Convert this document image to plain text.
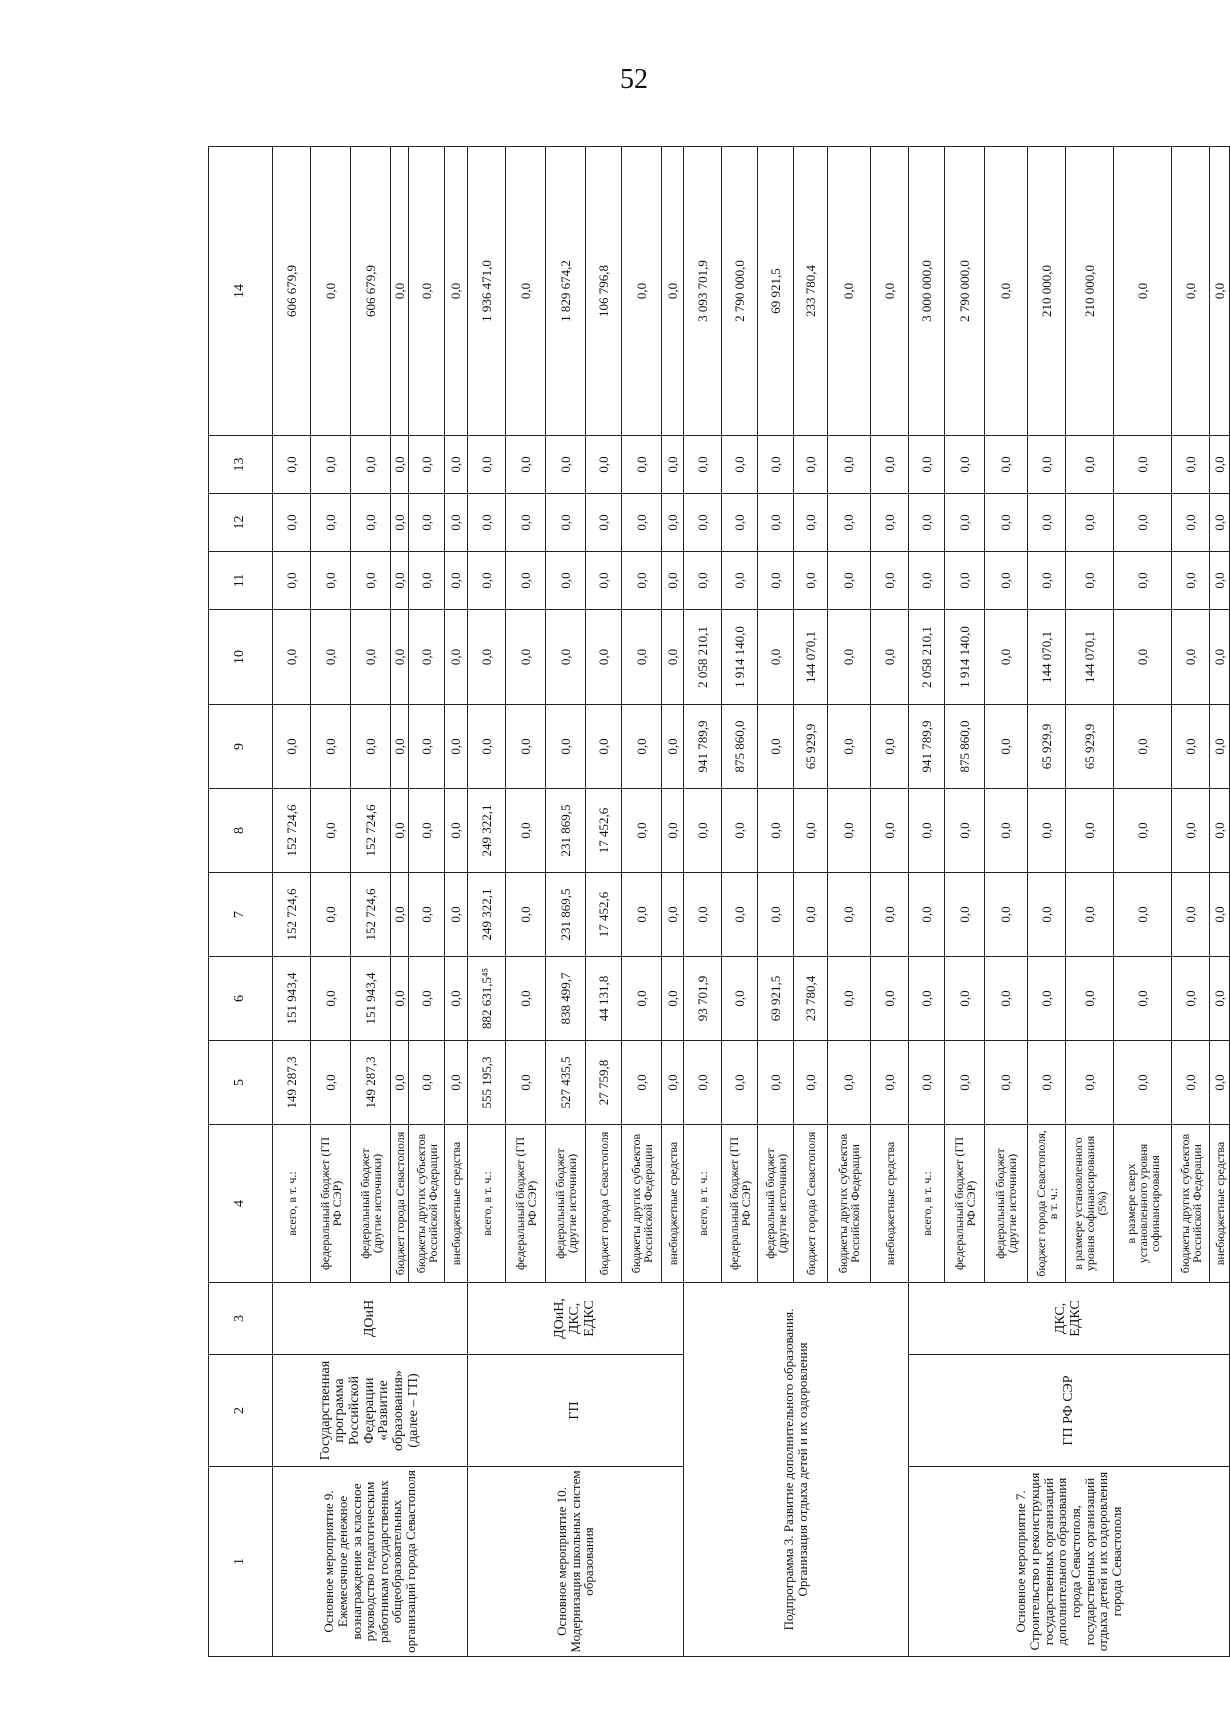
52
1	2	3	4	5	6	7	8	9	10	11	12	13	14
Основное мероприятие 9. Ежемесячное денежное вознаграждение за классное руководство педагогическим работникам государственных общеобразовательных организаций города Севастополя	Государственная программа Российской Федерации «Развитие образования» (далее – ГП)	ДОиН	всего, в т. ч.:	149 287,3	151 943,4	152 724,6	152 724,6	0,0	0,0	0,0	0,0	0,0	606 679,9
			федеральный бюджет (ГП РФ СЭР)	0,0	0,0	0,0	0,0	0,0	0,0	0,0	0,0	0,0	0,0
			федеральный бюджет (другие источники)	149 287,3	151 943,4	152 724,6	152 724,6	0,0	0,0	0,0	0,0	0,0	606 679,9
			бюджет города Севастополя	0,0	0,0	0,0	0,0	0,0	0,0	0,0	0,0	0,0	0,0
			бюджеты других субъектов Российской Федерации	0,0	0,0	0,0	0,0	0,0	0,0	0,0	0,0	0,0	0,0
			внебюджетные средства	0,0	0,0	0,0	0,0	0,0	0,0	0,0	0,0	0,0	0,0
Основное мероприятие 10. Модернизация школьных систем образования	ГП	ДОиН, ДКС, ЕДКС	всего, в т. ч.:	555 195,3	882 631,5⁴⁵	249 322,1	249 322,1	0,0	0,0	0,0	0,0	0,0	1 936 471,0
			федеральный бюджет (ГП РФ СЭР)	0,0	0,0	0,0	0,0	0,0	0,0	0,0	0,0	0,0	0,0
			федеральный бюджет (другие источники)	527 435,5	838 499,7	231 869,5	231 869,5	0,0	0,0	0,0	0,0	0,0	1 829 674,2
			бюджет города Севастополя	27 759,8	44 131,8	17 452,6	17 452,6	0,0	0,0	0,0	0,0	0,0	106 796,8
			бюджеты других субъектов Российской Федерации	0,0	0,0	0,0	0,0	0,0	0,0	0,0	0,0	0,0	0,0
			внебюджетные средства	0,0	0,0	0,0	0,0	0,0	0,0	0,0	0,0	0,0	0,0
Подпрограмма 3. Развитие дополнительного образования. Организация отдыха детей и их оздоровления			всего, в т. ч.:	0,0	93 701,9	0,0	0,0	941 789,9	2 058 210,1	0,0	0,0	0,0	3 093 701,9
			федеральный бюджет (ГП РФ СЭР)	0,0	0,0	0,0	0,0	875 860,0	1 914 140,0	0,0	0,0	0,0	2 790 000,0
			федеральный бюджет (другие источники)	0,0	69 921,5	0,0	0,0	0,0	0,0	0,0	0,0	0,0	69 921,5
			бюджет города Севастополя	0,0	23 780,4	0,0	0,0	65 929,9	144 070,1	0,0	0,0	0,0	233 780,4
			бюджеты других субъектов Российской Федерации	0,0	0,0	0,0	0,0	0,0	0,0	0,0	0,0	0,0	0,0
			внебюджетные средства	0,0	0,0	0,0	0,0	0,0	0,0	0,0	0,0	0,0	0,0
Основное мероприятие 7. Строительство и реконструкция государственных организаций дополнительного образования города Севастополя, государственных организаций отдыха детей и их оздоровления города Севастополя	ГП РФ СЭР	ДКС, ЕДКС	всего, в т. ч.:	0,0	0,0	0,0	0,0	941 789,9	2 058 210,1	0,0	0,0	0,0	3 000 000,0
			федеральный бюджет (ГП РФ СЭР)	0,0	0,0	0,0	0,0	875 860,0	1 914 140,0	0,0	0,0	0,0	2 790 000,0
			федеральный бюджет (другие источники)	0,0	0,0	0,0	0,0	0,0	0,0	0,0	0,0	0,0	0,0
			бюджет города Севастополя, в т. ч.:	0,0	0,0	0,0	0,0	65 929,9	144 070,1	0,0	0,0	0,0	210 000,0
			в размере установленного уровня софинансирования (5%)	0,0	0,0	0,0	0,0	65 929,9	144 070,1	0,0	0,0	0,0	210 000,0
			в размере сверх установленного уровня софинансирования	0,0	0,0	0,0	0,0	0,0	0,0	0,0	0,0	0,0	0,0
			бюджеты других субъектов Российской Федерации	0,0	0,0	0,0	0,0	0,0	0,0	0,0	0,0	0,0	0,0
			внебюджетные средства	0,0	0,0	0,0	0,0	0,0	0,0	0,0	0,0	0,0	0,0
